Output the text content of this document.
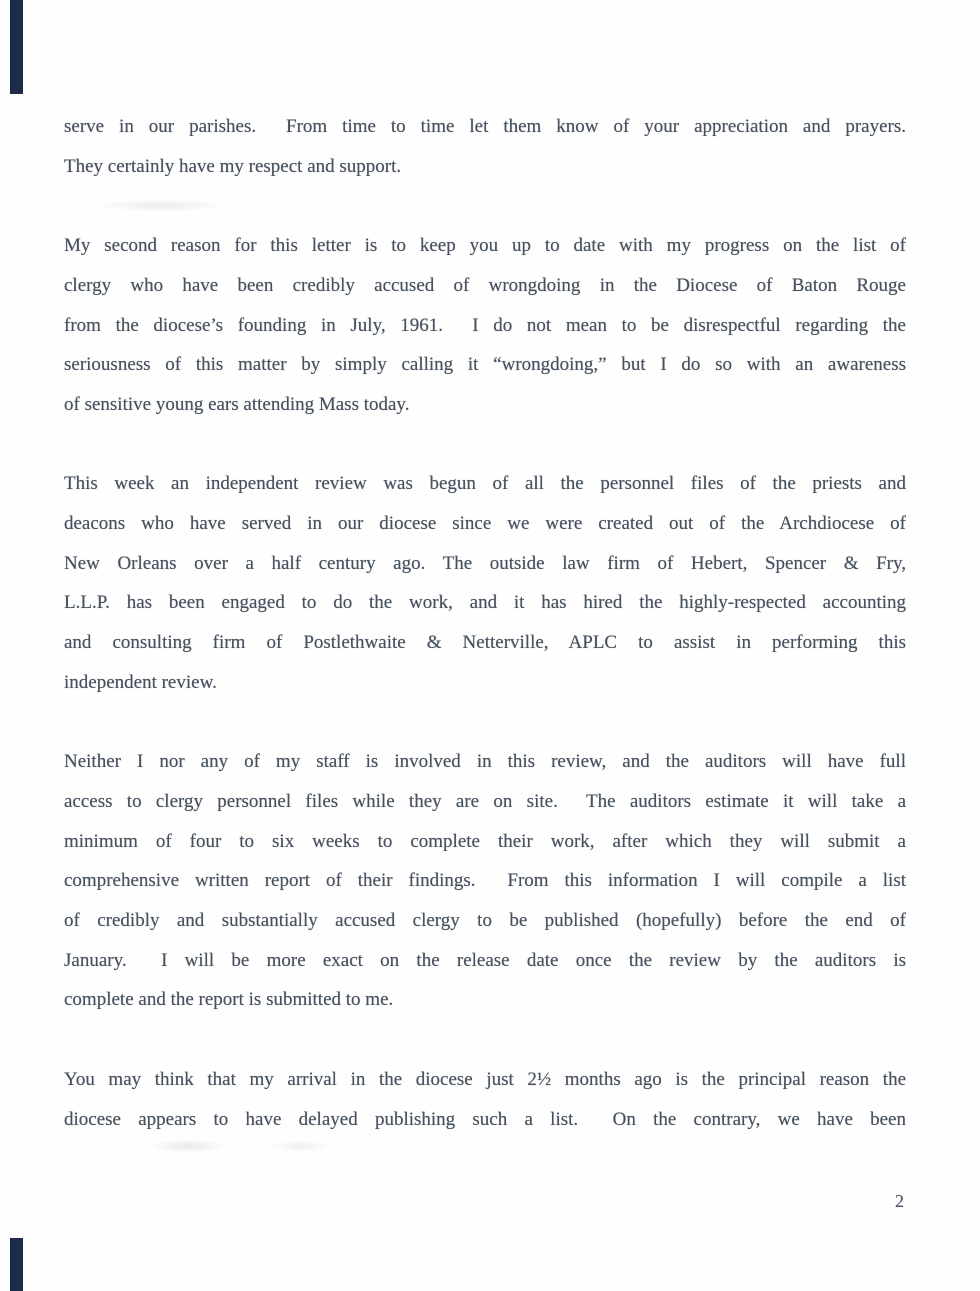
serve in our parishes.  From time to time let them know of your appreciation and prayers.
They certainly have my respect and support.

My second reason for this letter is to keep you up to date with my progress on the list of
clergy who have been credibly accused of wrongdoing in the Diocese of Baton Rouge
from the diocese’s founding in July, 1961.  I do not mean to be disrespectful regarding the
seriousness of this matter by simply calling it “wrongdoing,” but I do so with an awareness
of sensitive young ears attending Mass today.

This week an independent review was begun of all the personnel files of the priests and
deacons who have served in our diocese since we were created out of the Archdiocese of
New Orleans over a half century ago. The outside law firm of Hebert, Spencer & Fry,
L.L.P. has been engaged to do the work, and it has hired the highly-respected accounting
and consulting firm of Postlethwaite & Netterville, APLC to assist in performing this
independent review.

Neither I nor any of my staff is involved in this review, and the auditors will have full
access to clergy personnel files while they are on site.  The auditors estimate it will take a
minimum of four to six weeks to complete their work, after which they will submit a
comprehensive written report of their findings.  From this information I will compile a list
of credibly and substantially accused clergy to be published (hopefully) before the end of
January.  I will be more exact on the release date once the review by the auditors is
complete and the report is submitted to me.

You may think that my arrival in the diocese just 2½ months ago is the principal reason the
diocese appears to have delayed publishing such a list.  On the contrary, we have been

2
